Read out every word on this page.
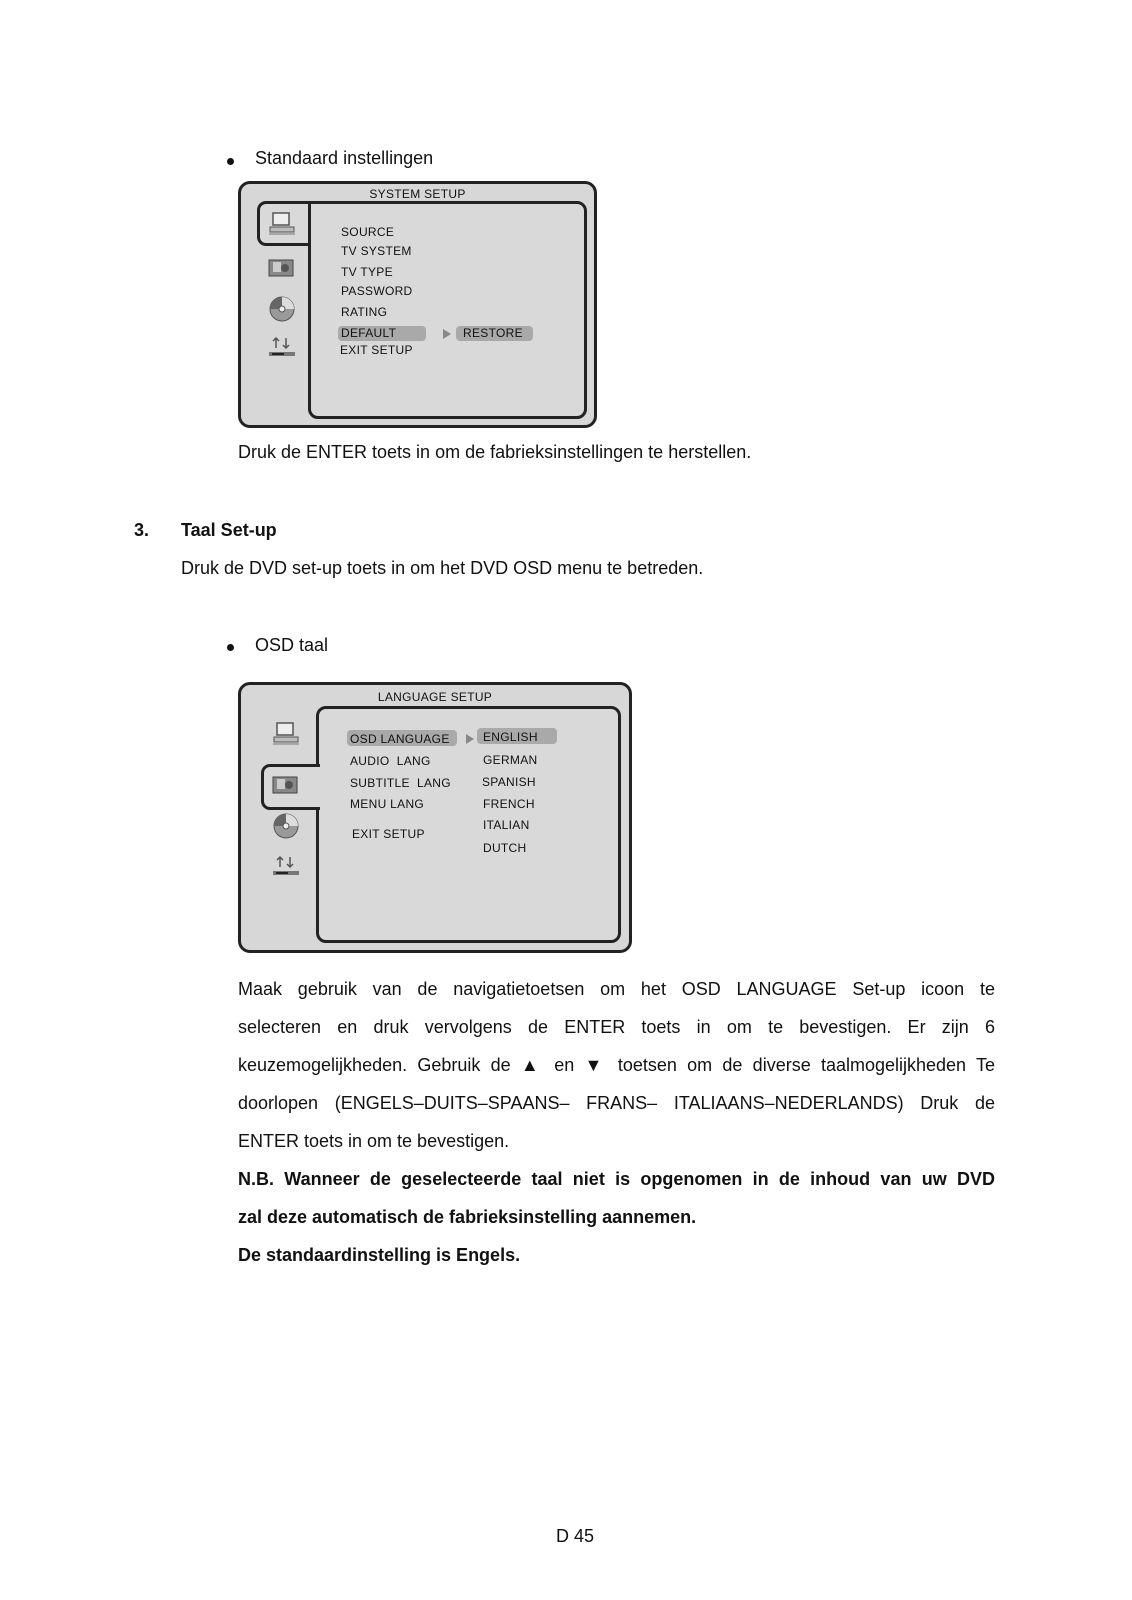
Standaard instellingen
SYSTEM SETUP
SOURCE
TV SYSTEM
TV TYPE
PASSWORD
RATING
DEFAULT
EXIT SETUP
RESTORE
Druk de ENTER toets in om de fabrieksinstellingen te herstellen.
3. Taal Set-up
Druk de DVD set-up toets in om het DVD OSD menu te betreden.
OSD taal
LANGUAGE SETUP
OSD LANGUAGE
AUDIO  LANG
SUBTITLE  LANG
MENU LANG
EXIT SETUP
ENGLISH
GERMAN
SPANISH
FRENCH
ITALIAN
DUTCH
Maak gebruik van de navigatietoetsen om het OSD LANGUAGE Set-up icoon te
selecteren en druk vervolgens de ENTER toets in om te bevestigen. Er zijn 6
keuzemogelijkheden. Gebruik de ▲ en ▼ toetsen om de diverse taalmogelijkheden Te
doorlopen (ENGELS–DUITS–SPAANS– FRANS– ITALIAANS–NEDERLANDS) Druk de
ENTER toets in om te bevestigen.
N.B. Wanneer de geselecteerde taal niet is opgenomen in de inhoud van uw DVD
zal deze automatisch de fabrieksinstelling aannemen.
De standaardinstelling is Engels.
D 45
